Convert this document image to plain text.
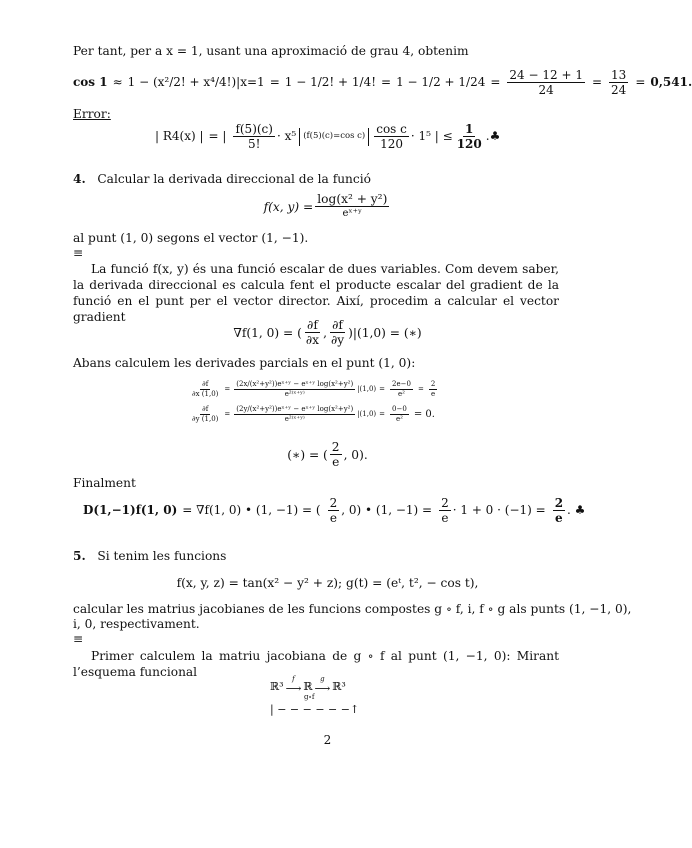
Per tant, per a x = 1, usant una aproximació de grau 4, obtenim
cos 1 ≈ 1 − (x²/2! + x⁴/4!)|x=1 = 1 − 1/2! + 1/4! = $1 - 1/2 + 1/24 = \frac{24 - 12 + 1}{24} = \frac{13}{24} = 0,541$.
Error:
| R4(x) | = | $\frac{f(5)(c)}{5!} \cdot x^5$ (f(5)(c)=cos $c) \frac{\text{cos c}}{120} \cdot 1^5$ | ≤ $\frac{1}{120}$ .♣
4. Calcular la derivada direccional de la funció
f(x, $y) = \frac{\text{log(x² + y²)}}{\text{eˣ⁺ʸ}}$
al punt (1, 0) segons el vector (1, −1).
≡
La funció f(x, y) és una funció escalar de dues variables. Com devem saber, la derivada direccional es calcula fent el producte escalar del gradient de la funció en el punt per el vector director. Així, procedim a calcular el vector gradient
∇f(1, 0) = ( $\frac{\partial f}{\partial x}$ , $\frac{\partial f}{\partial y} )|(1,0)$ = (∗)
Abans calculem les derivades parcials en el punt (1, 0):
$\frac{\partial f}{\partial x (1,0)} = \frac{\text{(2x/(x²+y²))eˣ⁺ʸ − eˣ⁺ʸ log(x²+y²)}}{\text{e²⁽ˣ⁺ʸ⁾}} |(1,0) = \frac{2e-0}{\text{e²}} = \frac{2}{e}$
$\frac{\partial f}{\partial y (1,0)} = \frac{\text{(2y/(x²+y²))eˣ⁺ʸ − eˣ⁺ʸ log(x²+y²)}}{\text{e²⁽ˣ⁺ʸ⁾}} |(1,0) = \frac{0-0}{\text{e²}} = 0$.
(∗) = ( $\frac{2}{e}$ , 0).
Finalment
D(1,−1)f(1, 0) = ∇f(1, 0) • (1, −1) = ( $\frac{2}{e}$ , 0) • (1, $-1) = \frac{2}{e} \cdot 1 + 0 \cdot (-1) = \frac{2}{e}$ . ♣
5. Si tenim les funcions
f(x, y, z) = tan(x² − y² + z); g(t) = (eᵗ, t², − cos t),
calcular les matrius jacobianes de les funcions compostes g ∘ f, i, f ∘ g als punts (1, −1, 0),
i, 0, respectivament.
≡
Primer calculem la matriu jacobiana de g ∘ f al punt (1, −1, 0): Mirant l’esquema funcional
ℝ³
f
⟶ ℝ
g
⟶ ℝ³
g∘f
| − − − − − −↑
2
